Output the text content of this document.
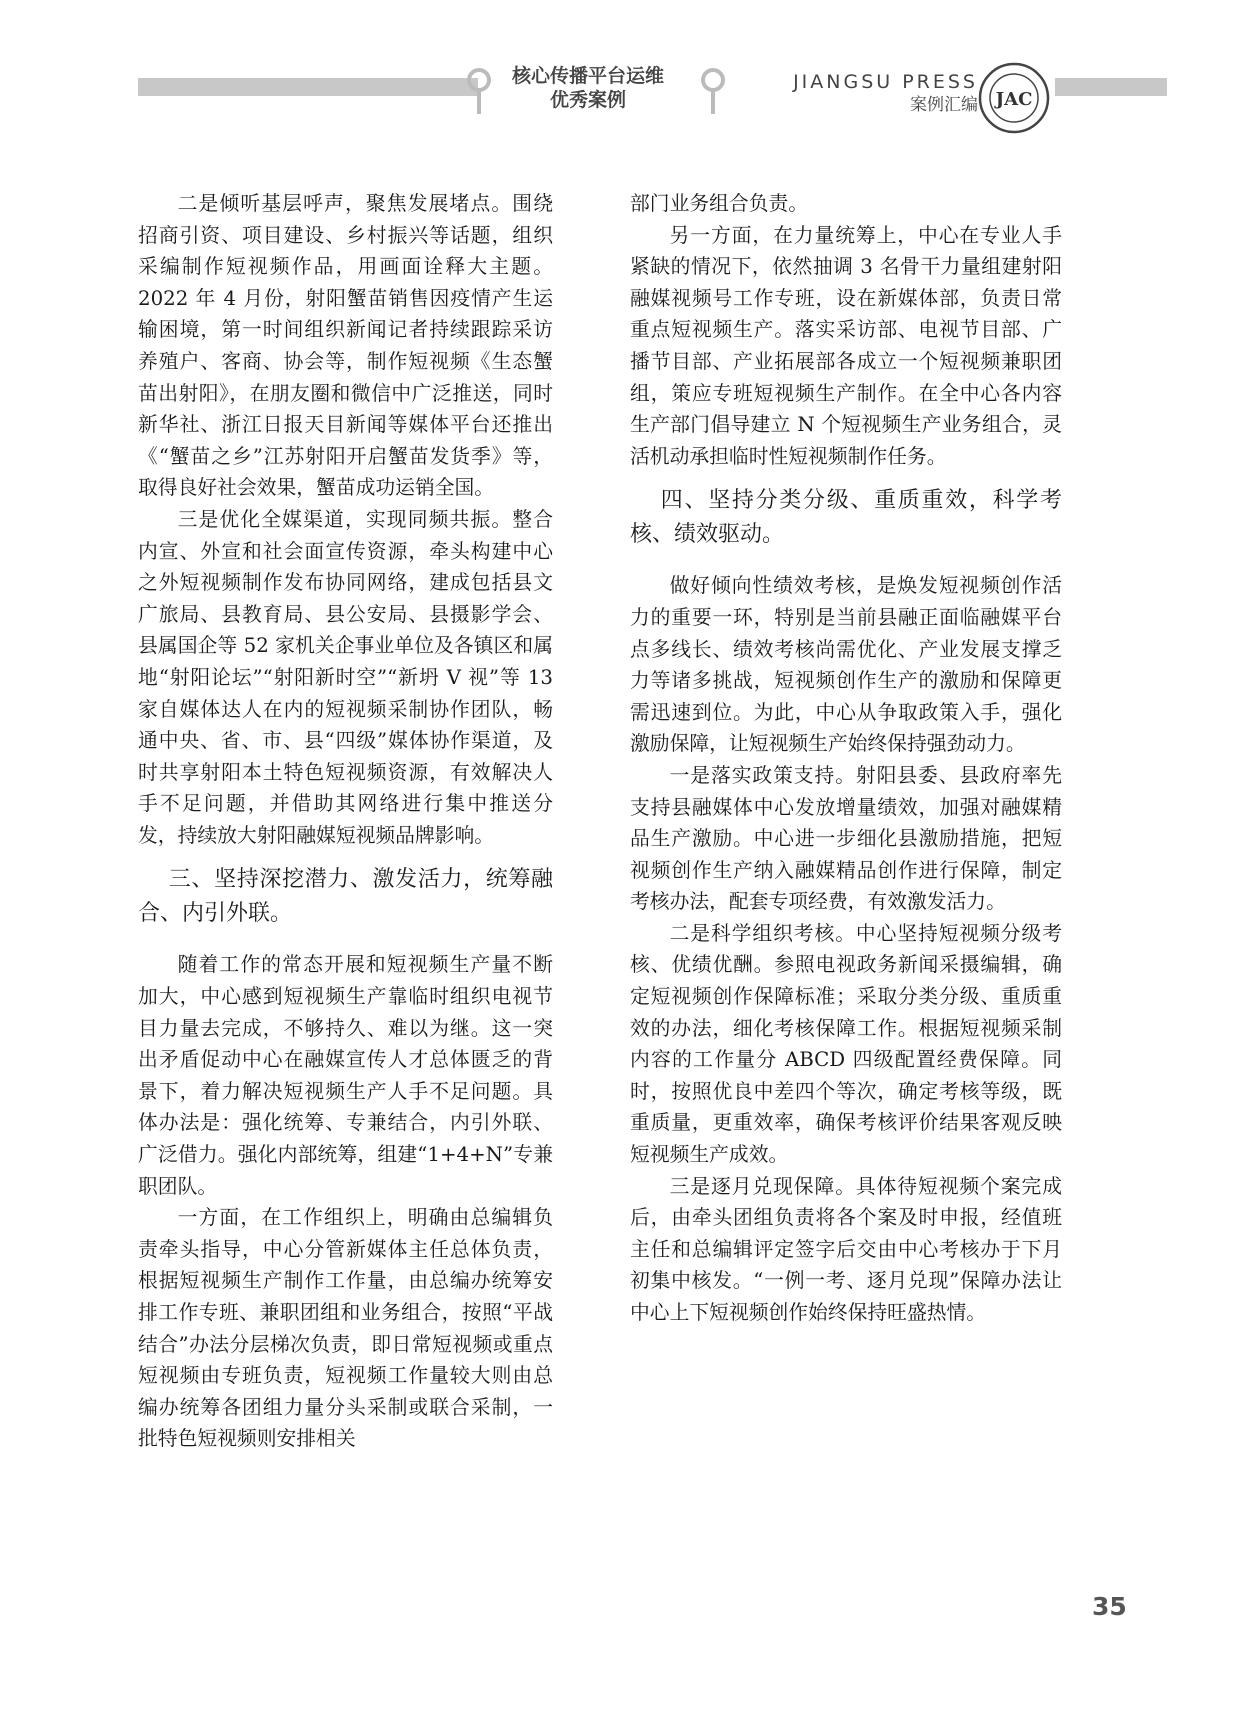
核心传播平台运维
优秀案例
JIANGSU PRESS
案例汇编 JAC

二是倾听基层呼声，聚焦发展堵点。围绕招商引资、项目建设、乡村振兴等话题，组织采编制作短视频作品，用画面诠释大主题。2022 年 4 月份，射阳蟹苗销售因疫情产生运输困境，第一时间组织新闻记者持续跟踪采访养殖户、客商、协会等，制作短视频《生态蟹苗出射阳》，在朋友圈和微信中广泛推送，同时新华社、浙江日报天目新闻等媒体平台还推出《“蟹苗之乡”江苏射阳开启蟹苗发货季》等，取得良好社会效果，蟹苗成功运销全国。

三是优化全媒渠道，实现同频共振。整合内宣、外宣和社会面宣传资源，牵头构建中心之外短视频制作发布协同网络，建成包括县文广旅局、县教育局、县公安局、县摄影学会、县属国企等 52 家机关企事业单位及各镇区和属地“射阳论坛”“射阳新时空”“新坍 V 视”等 13 家自媒体达人在内的短视频采制协作团队，畅通中央、省、市、县“四级”媒体协作渠道，及时共享射阳本土特色短视频资源，有效解决人手不足问题，并借助其网络进行集中推送分发，持续放大射阳融媒短视频品牌影响。

三、坚持深挖潜力、激发活力，统筹融合、内引外联。

随着工作的常态开展和短视频生产量不断加大，中心感到短视频生产靠临时组织电视节目力量去完成，不够持久、难以为继。这一突出矛盾促动中心在融媒宣传人才总体匮乏的背景下，着力解决短视频生产人手不足问题。具体办法是：强化统筹、专兼结合，内引外联、广泛借力。强化内部统筹，组建“1+4+N”专兼职团队。

一方面，在工作组织上，明确由总编辑负责牵头指导，中心分管新媒体主任总体负责，根据短视频生产制作工作量，由总编办统筹安排工作专班、兼职团组和业务组合，按照“平战结合”办法分层梯次负责，即日常短视频或重点短视频由专班负责，短视频工作量较大则由总编办统筹各团组力量分头采制或联合采制，一批特色短视频则安排相关

部门业务组合负责。

另一方面，在力量统筹上，中心在专业人手紧缺的情况下，依然抽调 3 名骨干力量组建射阳融媒视频号工作专班，设在新媒体部，负责日常重点短视频生产。落实采访部、电视节目部、广播节目部、产业拓展部各成立一个短视频兼职团组，策应专班短视频生产制作。在全中心各内容生产部门倡导建立 N 个短视频生产业务组合，灵活机动承担临时性短视频制作任务。

四、坚持分类分级、重质重效，科学考核、绩效驱动。

做好倾向性绩效考核，是焕发短视频创作活力的重要一环，特别是当前县融正面临融媒平台点多线长、绩效考核尚需优化、产业发展支撑乏力等诸多挑战，短视频创作生产的激励和保障更需迅速到位。为此，中心从争取政策入手，强化激励保障，让短视频生产始终保持强劲动力。

一是落实政策支持。射阳县委、县政府率先支持县融媒体中心发放增量绩效，加强对融媒精品生产激励。中心进一步细化县激励措施，把短视频创作生产纳入融媒精品创作进行保障，制定考核办法，配套专项经费，有效激发活力。

二是科学组织考核。中心坚持短视频分级考核、优绩优酬。参照电视政务新闻采摄编辑，确定短视频创作保障标准；采取分类分级、重质重效的办法，细化考核保障工作。根据短视频采制内容的工作量分 ABCD 四级配置经费保障。同时，按照优良中差四个等次，确定考核等级，既重质量，更重效率，确保考核评价结果客观反映短视频生产成效。

三是逐月兑现保障。具体待短视频个案完成后，由牵头团组负责将各个案及时申报，经值班主任和总编辑评定签字后交由中心考核办于下月初集中核发。“一例一考、逐月兑现”保障办法让中心上下短视频创作始终保持旺盛热情。

35
